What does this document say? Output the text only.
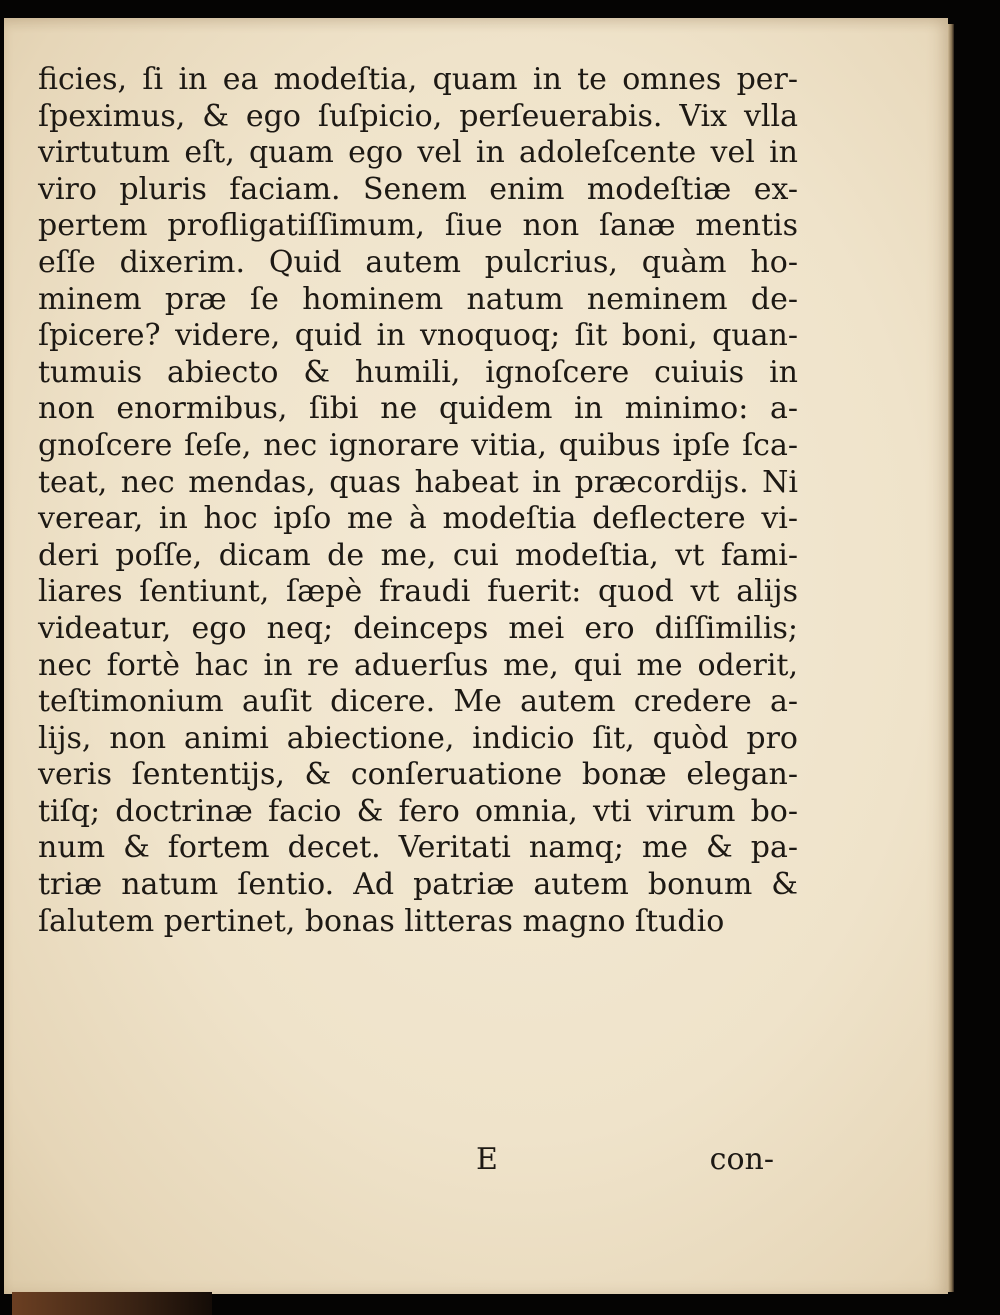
ficies, ſi in ea modeſtia, quam in te omnes per-
ſpeximus, & ego ſuſpicio, perſeuerabis. Vix vlla
virtutum eſt, quam ego vel in adoleſcente vel in
viro pluris faciam. Senem enim modeſtiæ ex-
pertem profligatiſſimum, ſiue non ſanæ mentis
eſſe dixerim. Quid autem pulcrius, quàm ho-
minem præ ſe hominem natum neminem de-
ſpicere? videre, quid in vnoquoq; ſit boni, quan-
tumuis abiecto & humili, ignoſcere cuiuis in
non enormibus, ſibi ne quidem in minimo: a-
gnoſcere ſeſe, nec ignorare vitia, quibus ipſe ſca-
teat, nec mendas, quas habeat in præcordijs. Ni
verear, in hoc ipſo me à modeſtia deflectere vi-
deri poſſe, dicam de me, cui modeſtia, vt fami-
liares ſentiunt, ſæpè fraudi fuerit: quod vt alijs
videatur, ego neq; deinceps mei ero diſſimilis;
nec fortè hac in re aduerſus me, qui me oderit,
teſtimonium auſit dicere. Me autem credere a-
lijs, non animi abiectione, indicio ſit, quòd pro
veris ſententijs, & conſeruatione bonæ elegan-
tiſq; doctrinæ facio & fero omnia, vti virum bo-
num & fortem decet. Veritati namq; me & pa-
triæ natum ſentio. Ad patriæ autem bonum &
ſalutem pertinet, bonas litteras magno ſtudio
E	con-
